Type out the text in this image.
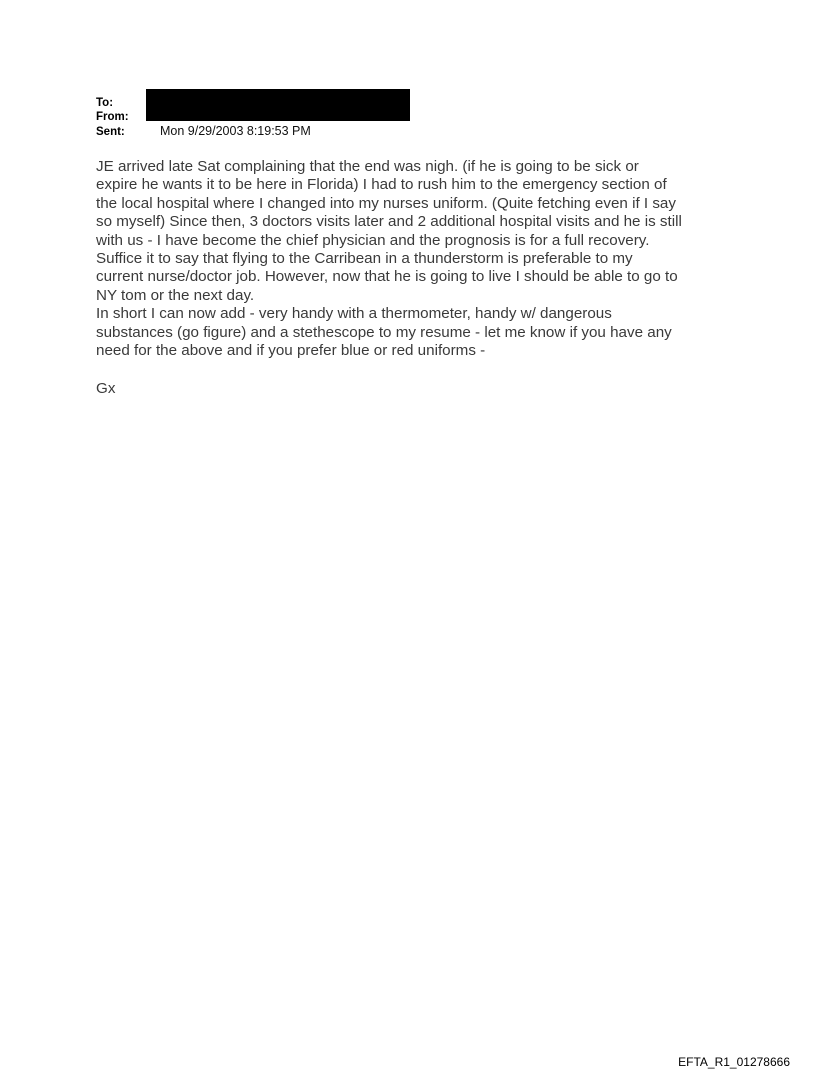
To:
From:
Sent:	Mon 9/29/2003 8:19:53 PM
JE arrived late Sat complaining that the end was nigh. (if he is going to be sick or
expire he wants it to be here in Florida) I had to rush him to the emergency section of
the local hospital where I changed into my nurses uniform. (Quite fetching even if I say
so myself) Since then, 3 doctors visits later and 2 additional hospital visits and he is still
with us - I have become the chief physician and the prognosis is for a full recovery.
Suffice it to say that flying to the Carribean in a thunderstorm is preferable to my
current nurse/doctor job. However, now that he is going to live I should be able to go to
NY tom or the next day.
In short I can now add - very handy with a thermometer, handy w/ dangerous
substances (go figure) and a stethescope to my resume - let me know if you have any
need for the above and if you prefer blue or red uniforms -
Gx
EFTA_R1_01278666
